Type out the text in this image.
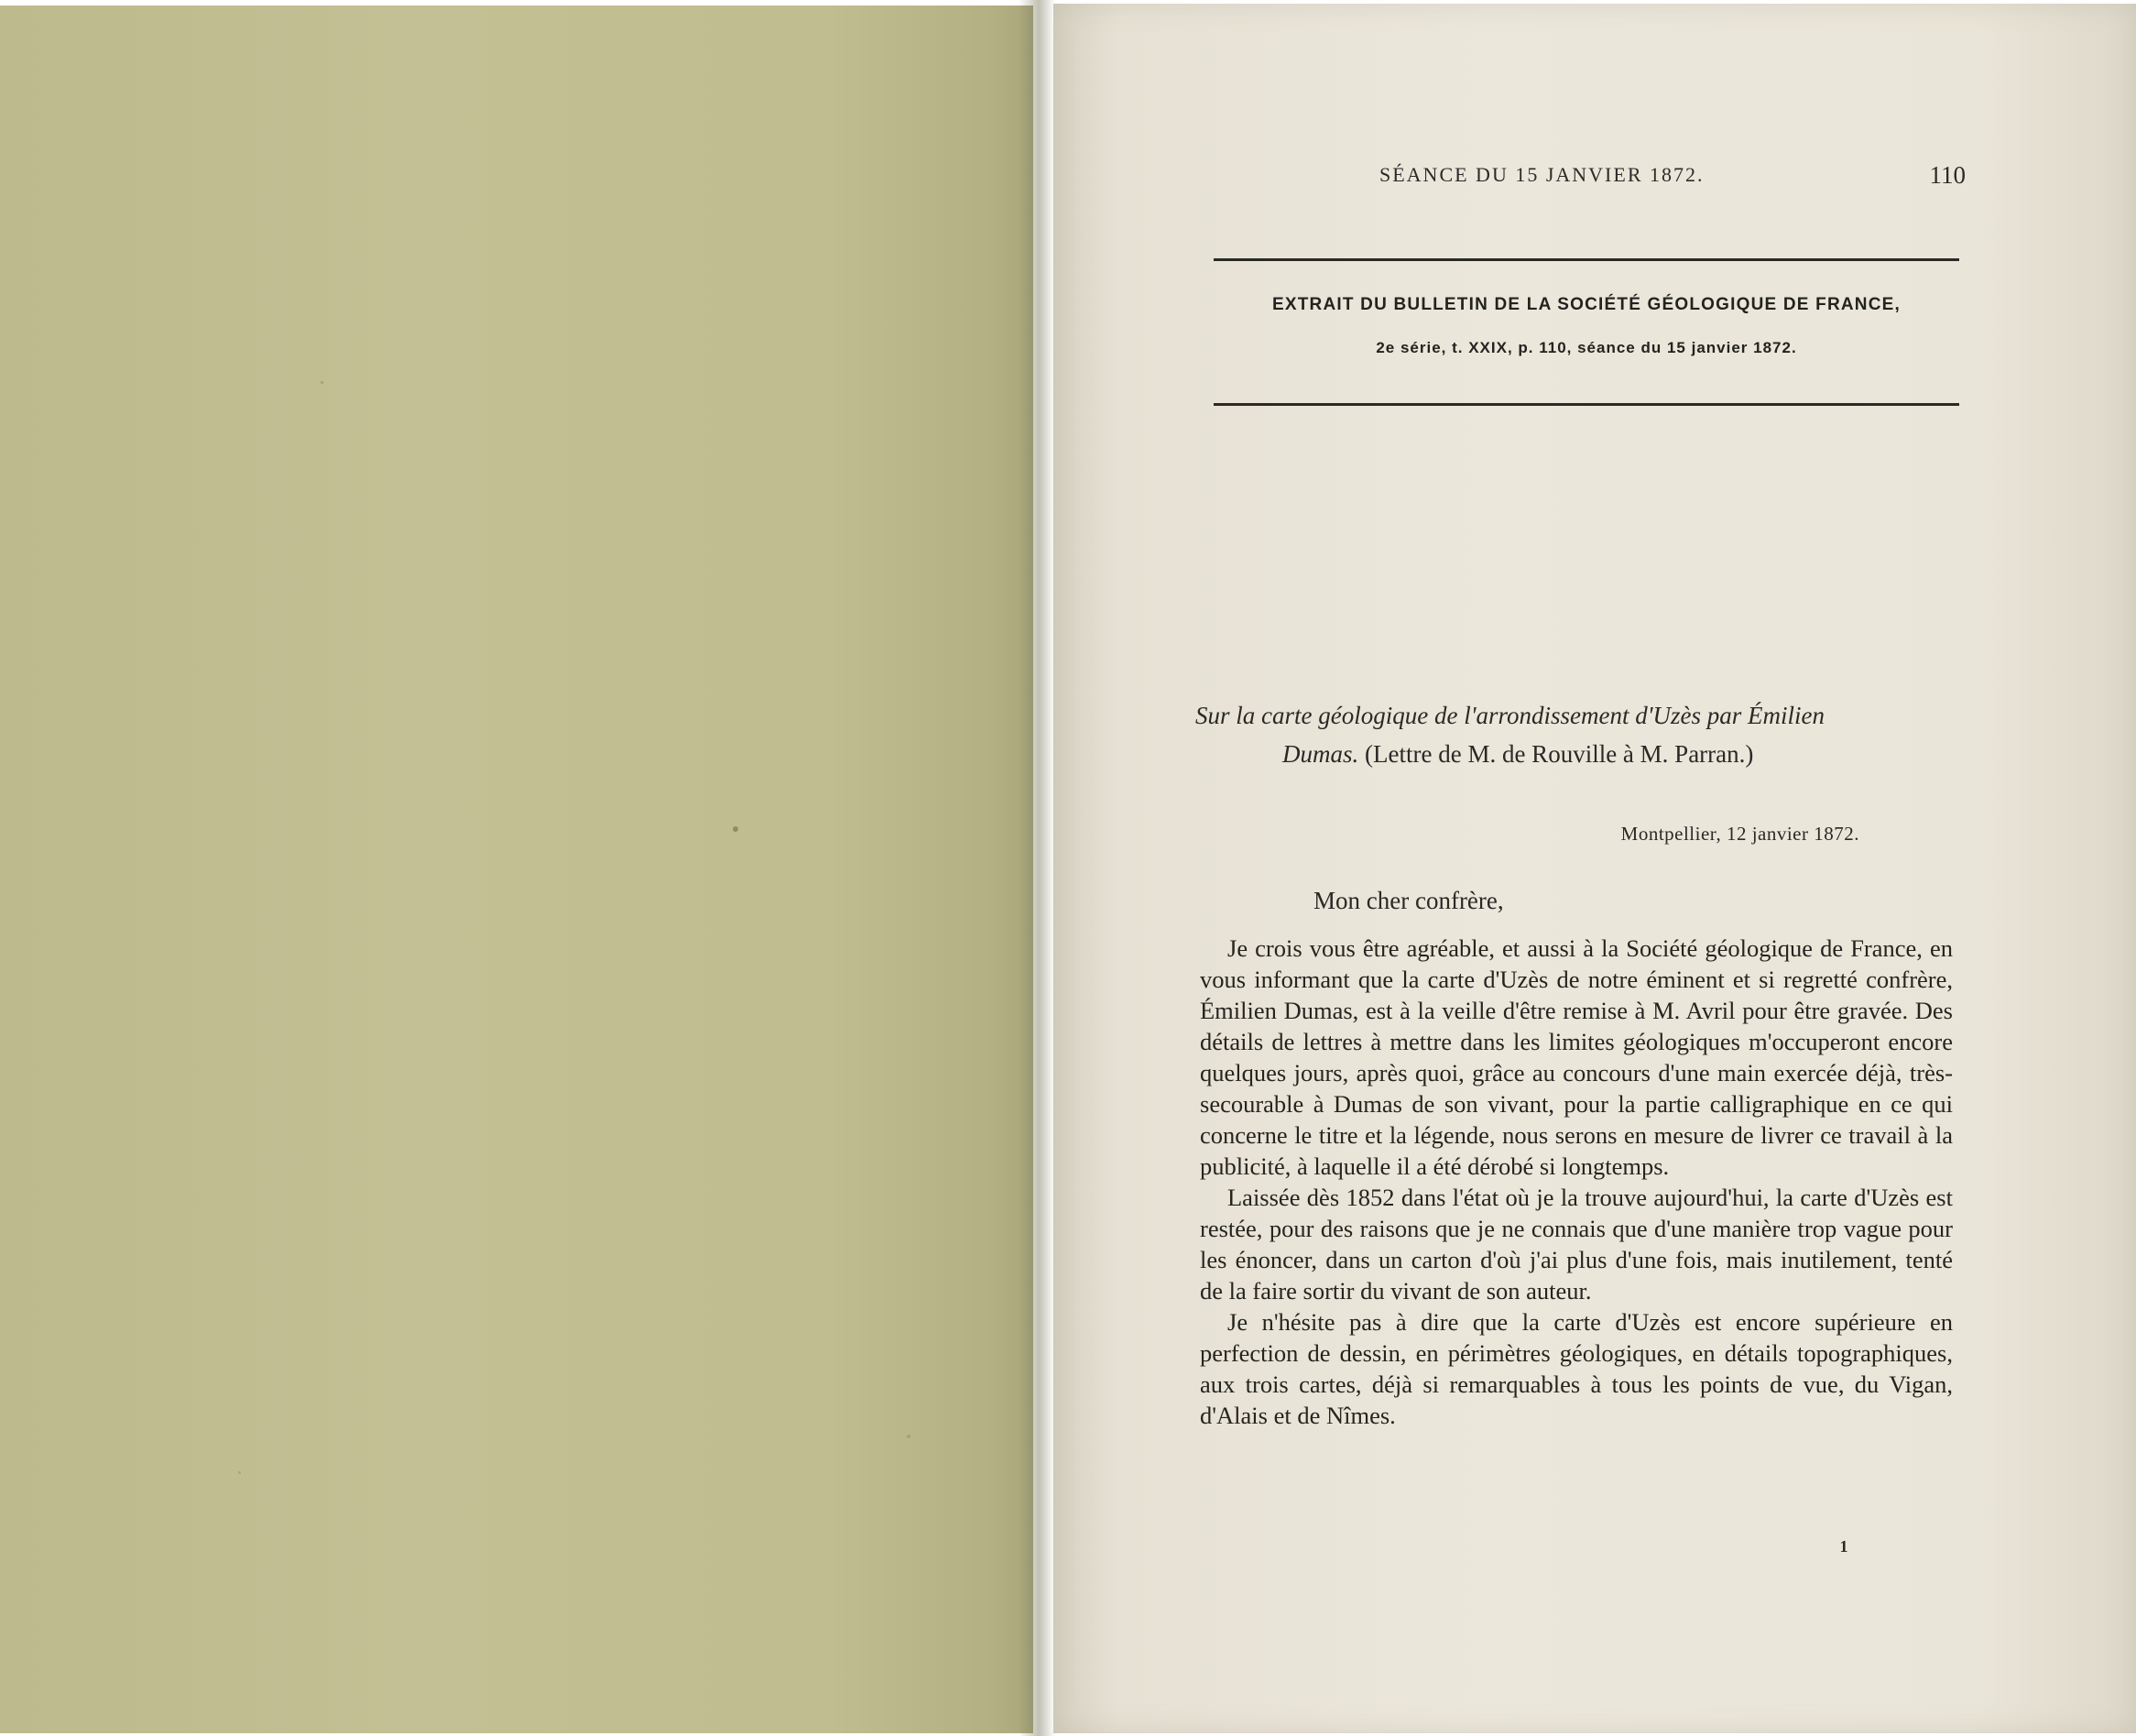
SÉANCE DU 15 JANVIER 1872.	110
EXTRAIT DU BULLETIN DE LA SOCIÉTÉ GÉOLOGIQUE DE FRANCE,
2e série, t. XXIX, p. 110, séance du 15 janvier 1872.
Sur la carte géologique de l'arrondissement d'Uzès par Émilien
Dumas. (Lettre de M. de Rouville à M. Parran.)
Montpellier, 12 janvier 1872.
Mon cher confrère,

Je crois vous être agréable, et aussi à la Société géologique de France, en vous informant que la carte d'Uzès de notre éminent et si regretté confrère, Émilien Dumas, est à la veille d'être remise à M. Avril pour être gravée. Des détails de lettres à mettre dans les limites géologiques m'occuperont encore quelques jours, après quoi, grâce au concours d'une main exercée déjà, très-secourable à Dumas de son vivant, pour la partie calligraphique en ce qui concerne le titre et la légende, nous serons en mesure de livrer ce travail à la publicité, à laquelle il a été dérobé si longtemps.

Laissée dès 1852 dans l'état où je la trouve aujourd'hui, la carte d'Uzès est restée, pour des raisons que je ne connais que d'une manière trop vague pour les énoncer, dans un carton d'où j'ai plus d'une fois, mais inutilement, tenté de la faire sortir du vivant de son auteur.

Je n'hésite pas à dire que la carte d'Uzès est encore supérieure en perfection de dessin, en périmètres géologiques, en détails topographiques, aux trois cartes, déjà si remarquables à tous les points de vue, du Vigan, d'Alais et de Nîmes.

1
